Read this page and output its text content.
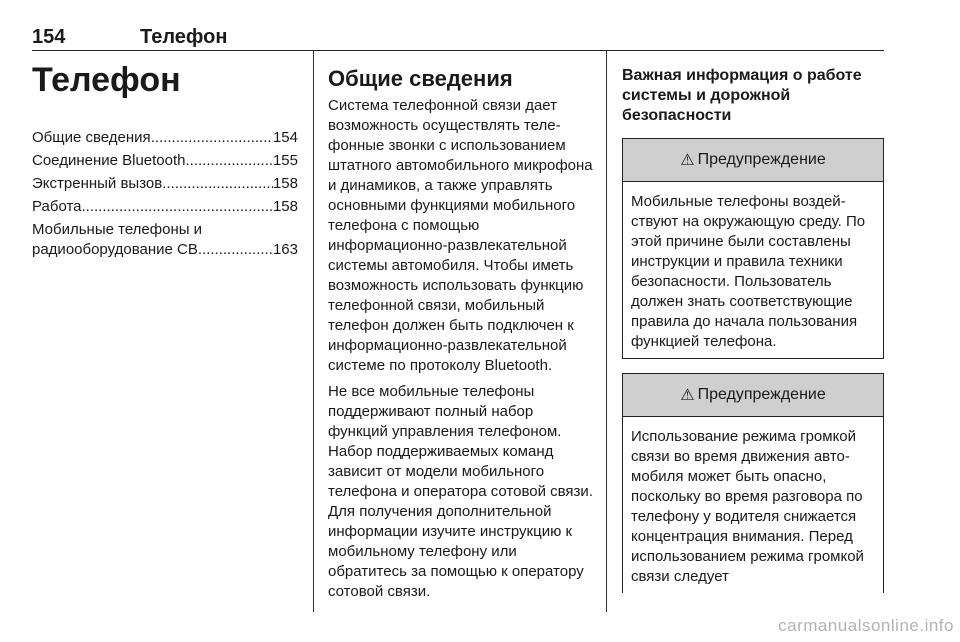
154	Телефон
Телефон
Общие сведения .....	154
Соединение Bluetooth .....	155
Экстренный вызов .....	158
Работа .....	158
Мобильные телефоны и
радиооборудование CB .....	163
Общие сведения

Система телефонной связи дает возможность осуществлять телефонные звонки с использованием штатного автомобильного микрофона и динамиков, а также управлять основными функциями мобильного телефона с помощью информационно-развлекательной системы автомобиля. Чтобы иметь возможность использовать функцию телефонной связи, мобильный телефон должен быть подключен к информационно-развлекательной системе по протоколу Bluetooth.

Не все мобильные телефоны поддерживают полный набор функций управления телефоном. Набор поддерживаемых команд зависит от модели мобильного телефона и оператора сотовой связи. Для получения дополнительной информации изучите инструкцию к мобильному телефону или обратитесь за помощью к оператору сотовой связи.

Важная информация о работе системы и дорожной безопасности
⚠ Предупреждение
Мобильные телефоны воздействуют на окружающую среду. По этой причине были составлены инструкции и правила техники безопасности. Пользователь должен знать соответствующие правила до начала пользования функцией телефона.
⚠ Предупреждение
Использование режима громкой связи во время движения автомобиля может быть опасно, поскольку во время разговора по телефону у водителя снижается концентрация внимания. Перед использованием режима громкой связи следует
carmanualsonline.info
